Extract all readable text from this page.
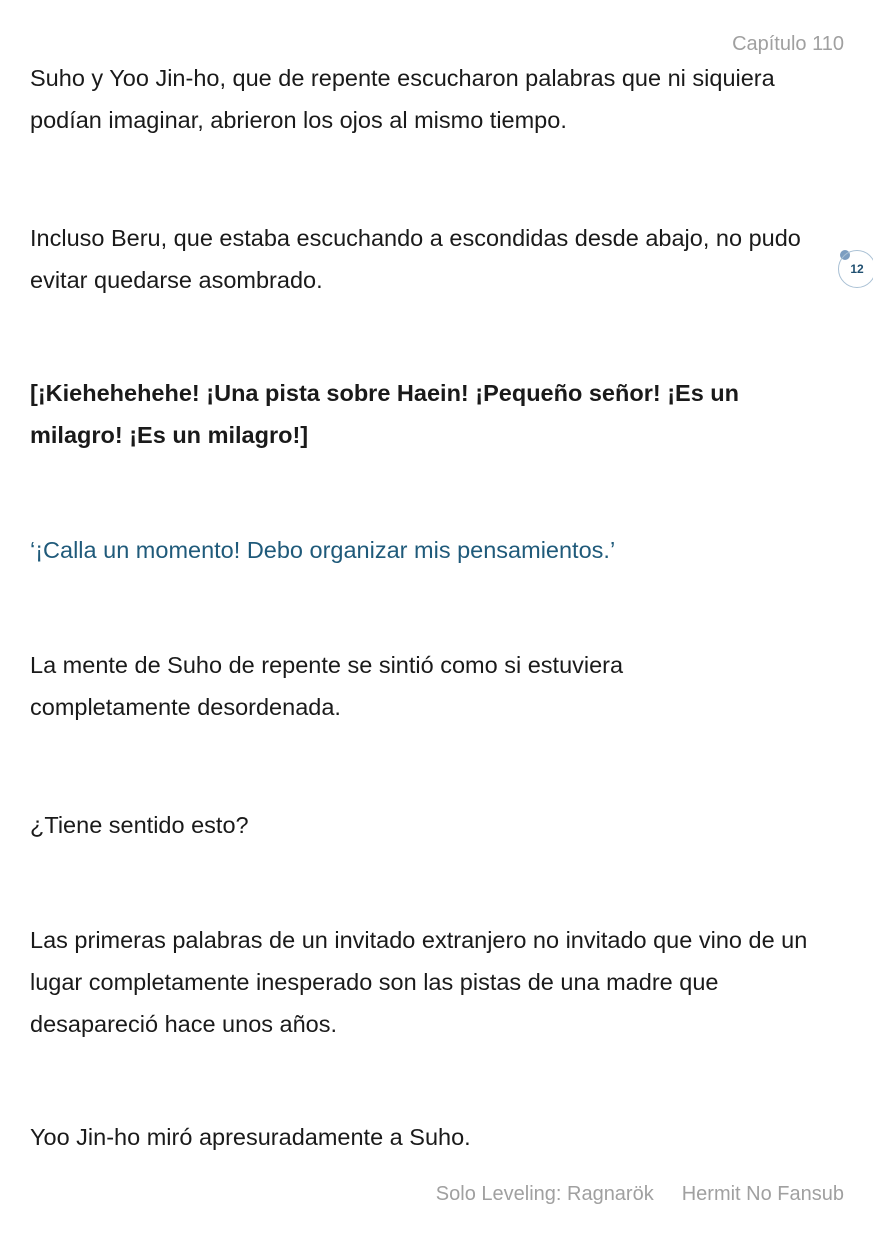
Capítulo 110

Suho y Yoo Jin-ho, que de repente escucharon palabras que ni siquiera podían imaginar, abrieron los ojos al mismo tiempo.

Incluso Beru, que estaba escuchando a escondidas desde abajo, no pudo evitar quedarse asombrado.	12

[¡Kiehehehehe! ¡Una pista sobre Haein! ¡Pequeño señor! ¡Es un milagro! ¡Es un milagro!]

‘¡Calla un momento! Debo organizar mis pensamientos.’

La mente de Suho de repente se sintió como si estuviera completamente desordenada.

¿Tiene sentido esto?

Las primeras palabras de un invitado extranjero no invitado que vino de un lugar completamente inesperado son las pistas de una madre que desapareció hace unos años.

Yoo Jin-ho miró apresuradamente a Suho.

Solo Leveling: Ragnarök Hermit No Fansub
